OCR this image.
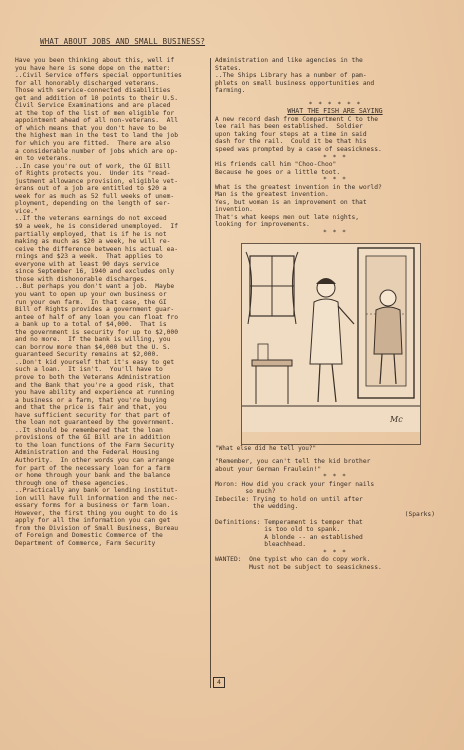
WHAT ABOUT JOBS AND SMALL BUSINESS?

Have you been thinking about this, well if

you have here is some dope on the matter:

..Civil Service offers special opportunities

for all honorably discharged veterans.

Those with service-connected disabilities

get and addition of 10 points to their U.S.

Civil Service Examinations and are placed

at the top of the list of men eligible for

appointment ahead of all non-veterans.  All

of which means that you don't have to be

the highest man in the test to land the job

for which you are fitted.  There are also

a considerable number of jobs which are op-

en to veterans.

..In case you're out of work, the GI Bill

of Rights protects you.  Under its "read-

justment allowance provision, eligible vet-

erans out of a job are entitled to $20 a

week for as much as 52 full weeks of unem-

ployment, depending on the length of ser-

vice."

..If the veterans earnings do not exceed

$9 a week, he is considered unemployed.  If

partially employed, that is if he is not

making as much as $20 a week, he will re-

ceive the difference between his actual ea-

rnings and $23 a week.  That applies to

everyone with at least 90 days service

since September 16, 1940 and excludes only

those with dishonorable discharges.

..But perhaps you don't want a job.  Maybe

you want to open up your own business or

run your own farm.  In that case, the GI

Bill of Rights provides a government guar-

antee of half of any loan you can float fro

a bank up to a total of $4,000.  That is

the government is security for up to $2,000

and no more.  If the bank is willing, you

can borrow more than $4,000 but the U. S.

guaranteed Security remains at $2,000.

..Don't kid yourself that it's easy to get

such a loan.  It isn't.  You'll have to

prove to both the Veterans Administration

and the Bank that you're a good risk, that

you have ability and experience at running

a business or a farm, that you're buying

and that the price is fair and that, you

have sufficient security for that part of

the loan not guaranteed by the government.

..It should be remembered that the loan

provisions of the GI Bill are in addition

to the loan functions of the Farm Security

Administration and the Federal Housing

Authority.  In other words you can arrange

for part of the necessary loan for a farm

or home through your bank and the balance

through one of these agencies.

..Practically any bank or lending institut-

ion will have full information and the nec-

essary forms for a business or farm loan.

However, the first thing you ought to do is

apply for all the information you can get

from the Division of Small Business, Bureau

of Foreign and Domestic Commerce of the

Department of Commerce, Farm Security

Administration and like agencies in the

States.

..The Ships Library has a number of pam-

phlets on small business opportunities and

farming.

* * * * * *

WHAT THE FISH ARE SAYING

A new record dash from Compartment C to the

lee rail has been established.  Soldier

upon taking four steps at a time in said

dash for the rail.  Could it be that his

speed was prompted by a case of seasickness.

* * *

His friends call him "Choo-Choo"

Because he goes or a little toot.

* * *

What is the greatest invention in the world?

Man is the greatest invention.

Yes, but woman is an improvement on that

invention.

That's what keeps men out late nights,

looking for improvements.

* * *

Mc

"What else did he tell you?"

"Remember, you can't tell the kid brother

about your German Fraulein!"

* * *

Moron: How did you crack your finger nails

so much?

Imbecile: Trying to hold on until after

the wedding.

(Sparks)

Definitions: Temperament is temper that

is too old to spank.

A blonde -- an established

bleachhead.

* * *

WANTED:  One typist who can do copy work.

Must not be subject to seasickness.

4
